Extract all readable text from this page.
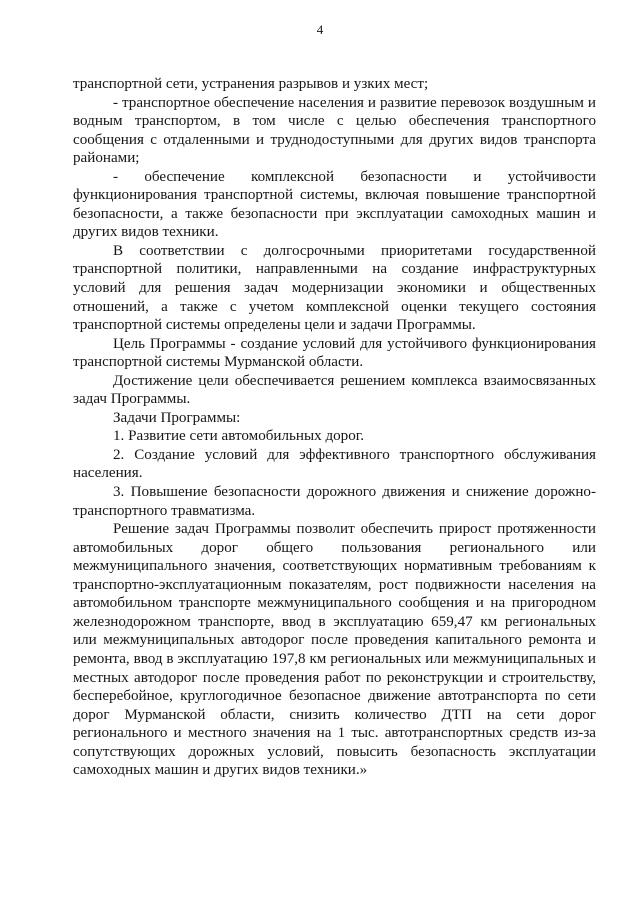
4

транспортной сети, устранения разрывов и узких мест;

- транспортное обеспечение населения и развитие перевозок воздушным и водным транспортом, в том числе с целью обеспечения транспортного сообщения с отдаленными и труднодоступными для других видов транспорта районами;

- обеспечение комплексной безопасности и устойчивости функционирования транспортной системы, включая повышение транспортной безопасности, а также безопасности при эксплуатации самоходных машин и других видов техники.

В соответствии с долгосрочными приоритетами государственной транспортной политики, направленными на создание инфраструктурных условий для решения задач модернизации экономики и общественных отношений, а также с учетом комплексной оценки текущего состояния транспортной системы определены цели и задачи Программы.

Цель Программы - создание условий для устойчивого функционирования транспортной системы Мурманской области.

Достижение цели обеспечивается решением комплекса взаимосвязанных задач Программы.

Задачи Программы:

1. Развитие сети автомобильных дорог.

2. Создание условий для эффективного транспортного обслуживания населения.

3. Повышение безопасности дорожного движения и снижение дорожно-транспортного травматизма.

Решение задач Программы позволит обеспечить прирост протяженности автомобильных дорог общего пользования регионального или межмуниципального значения, соответствующих нормативным требованиям к транспортно-эксплуатационным показателям, рост подвижности населения на автомобильном транспорте межмуниципального сообщения и на пригородном железнодорожном транспорте, ввод в эксплуатацию 659,47 км региональных или межмуниципальных автодорог после проведения капитального ремонта и ремонта, ввод в эксплуатацию 197,8 км региональных или межмуниципальных и местных автодорог после проведения работ по реконструкции и строительству, бесперебойное, круглогодичное безопасное движение автотранспорта по сети дорог Мурманской области, снизить количество ДТП на сети дорог регионального и местного значения на 1 тыс. автотранспортных средств из-за сопутствующих дорожных условий, повысить безопасность эксплуатации самоходных машин и других видов техники.»
